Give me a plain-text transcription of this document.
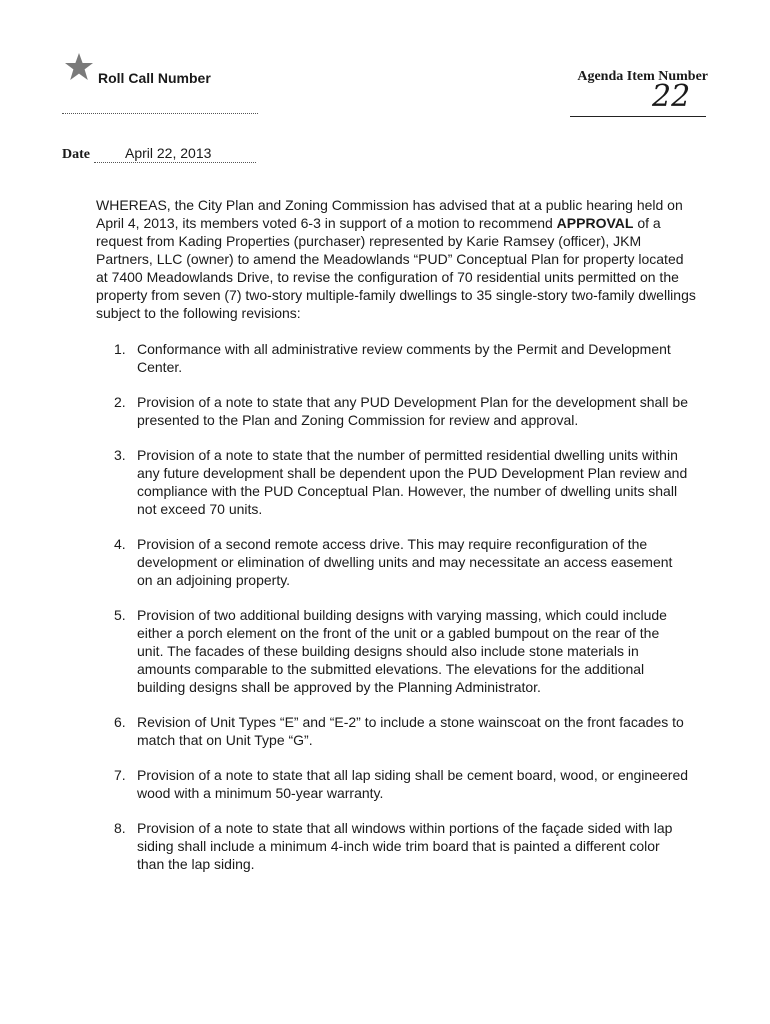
Roll Call Number	Agenda Item Number
22
Date	April 22, 2013

WHEREAS, the City Plan and Zoning Commission has advised that at a public hearing held on April 4, 2013, its members voted 6-3 in support of a motion to recommend APPROVAL of a request from Kading Properties (purchaser) represented by Karie Ramsey (officer), JKM Partners, LLC (owner) to amend the Meadowlands “PUD” Conceptual Plan for property located at 7400 Meadowlands Drive, to revise the configuration of 70 residential units permitted on the property from seven (7) two-story multiple-family dwellings to 35 single-story two-family dwellings subject to the following revisions:

1. Conformance with all administrative review comments by the Permit and Development Center.
2. Provision of a note to state that any PUD Development Plan for the development shall be presented to the Plan and Zoning Commission for review and approval.
3. Provision of a note to state that the number of permitted residential dwelling units within any future development shall be dependent upon the PUD Development Plan review and compliance with the PUD Conceptual Plan. However, the number of dwelling units shall not exceed 70 units.
4. Provision of a second remote access drive. This may require reconfiguration of the development or elimination of dwelling units and may necessitate an access easement on an adjoining property.
5. Provision of two additional building designs with varying massing, which could include either a porch element on the front of the unit or a gabled bumpout on the rear of the unit. The facades of these building designs should also include stone materials in amounts comparable to the submitted elevations. The elevations for the additional building designs shall be approved by the Planning Administrator.
6. Revision of Unit Types “E” and “E-2” to include a stone wainscoat on the front facades to match that on Unit Type “G”.
7. Provision of a note to state that all lap siding shall be cement board, wood, or engineered wood with a minimum 50-year warranty.
8. Provision of a note to state that all windows within portions of the façade sided with lap siding shall include a minimum 4-inch wide trim board that is painted a different color than the lap siding.
